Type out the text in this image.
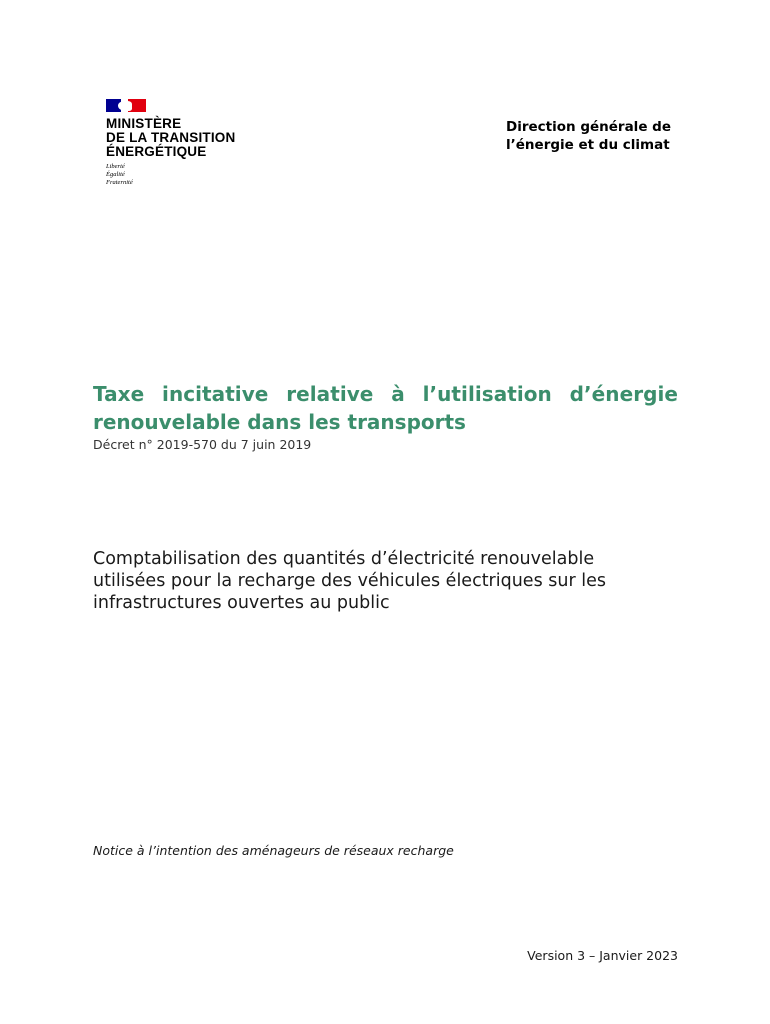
MINISTÈRE
DE LA TRANSITION
ÉNERGÉTIQUE
Liberté
Égalité
Fraternité
Direction générale de
l’énergie et du climat
Taxe incitative relative à l’utilisation d’énergie
renouvelable dans les transports
Décret n° 2019-570 du 7 juin 2019
Comptabilisation des quantités d’électricité renouvelable
utilisées pour la recharge des véhicules électriques sur les
infrastructures ouvertes au public
Notice à l’intention des aménageurs de réseaux recharge
Version 3 – Janvier 2023
